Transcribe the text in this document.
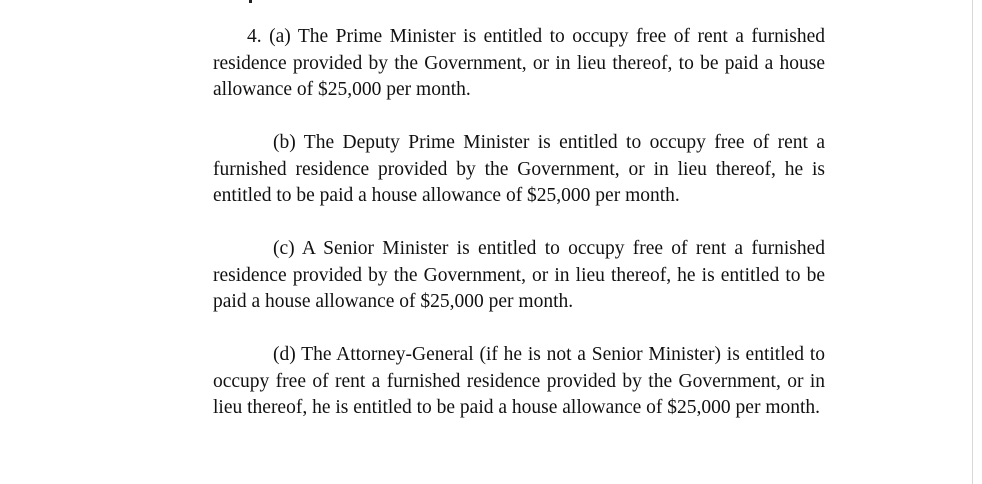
4. (a) The Prime Minister is entitled to occupy free of rent a furnished residence provided by the Government, or in lieu thereof, to be paid a house allowance of $25,000 per month.

(b) The Deputy Prime Minister is entitled to occupy free of rent a furnished residence provided by the Government, or in lieu thereof, he is entitled to be paid a house allowance of $25,000 per month.

(c) A Senior Minister is entitled to occupy free of rent a furnished residence provided by the Government, or in lieu thereof, he is entitled to be paid a house allowance of $25,000 per month.

(d) The Attorney-General (if he is not a Senior Minister) is entitled to occupy free of rent a furnished residence provided by the Government, or in lieu thereof, he is entitled to be paid a house allowance of $25,000 per month.
